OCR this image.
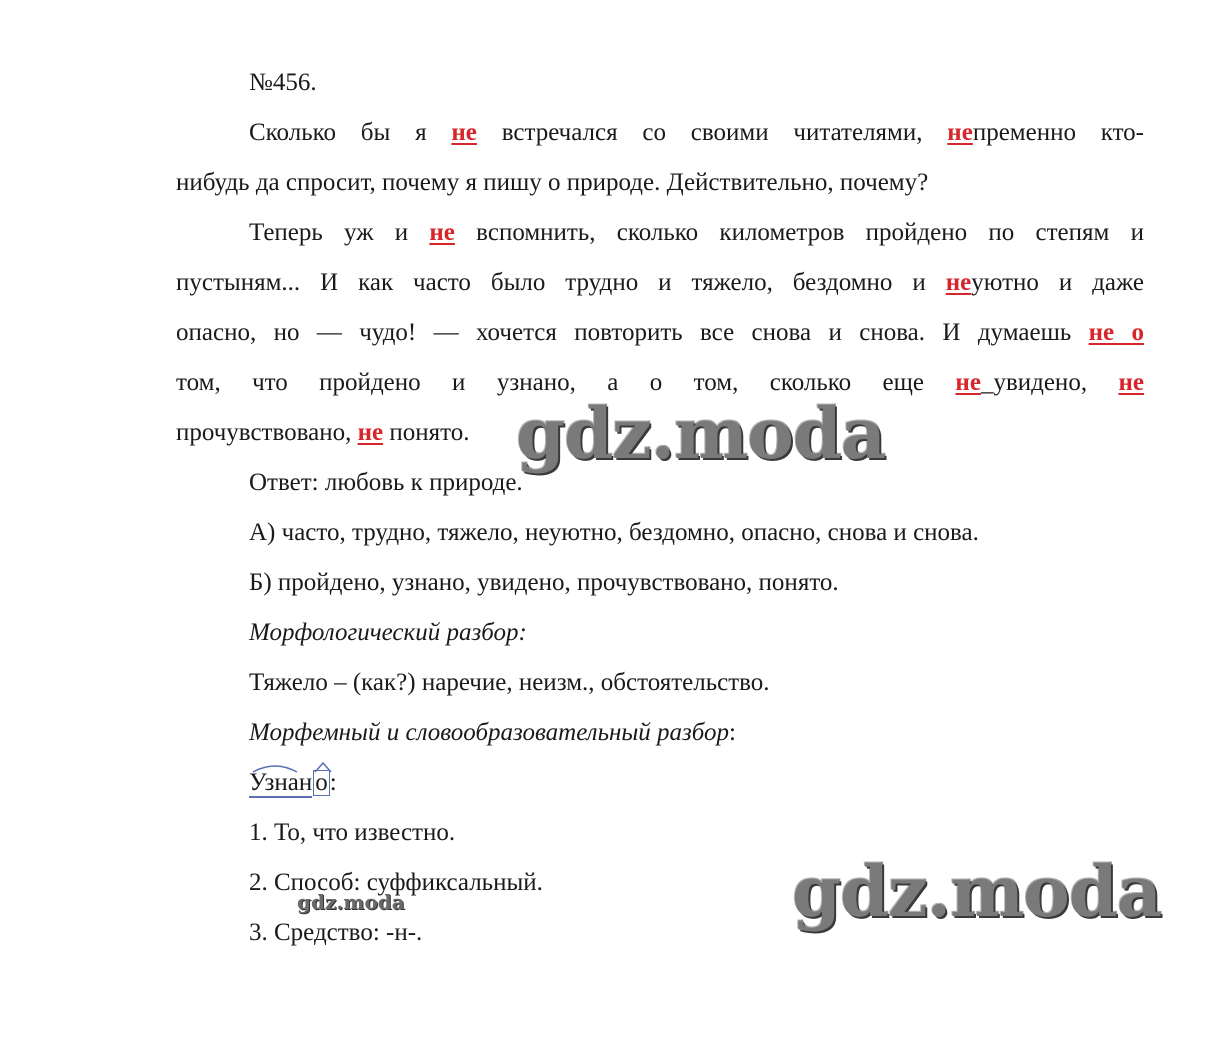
№456.
Сколько бы я не встречался со своими читателями, непременно кто-
нибудь да спросит, почему я пишу о природе. Действительно, почему?
Теперь уж и не вспомнить, сколько километров пройдено по степям и
пустыням... И как часто было трудно и тяжело, бездомно и неуютно и даже
опасно, но — чудо! — хочется повторить все снова и снова. И думаешь не о
том, что пройдено и узнано, а о том, сколько еще не_увидено, не
прочувствовано, не понято.
Ответ: любовь к природе.
А) часто, трудно, тяжело, неуютно, бездомно, опасно, снова и снова.
Б) пройдено, узнано, увидено, прочувствовано, понято.
Морфологический разбор:
Тяжело – (как?) наречие, неизм., обстоятельство.
Морфемный и словообразовательный разбор:
Узнан о:
1. То, что известно.
2. Способ: суффиксальный.
3. Средство: -н-.
gdz.moda
gdz.moda
gdz.moda
